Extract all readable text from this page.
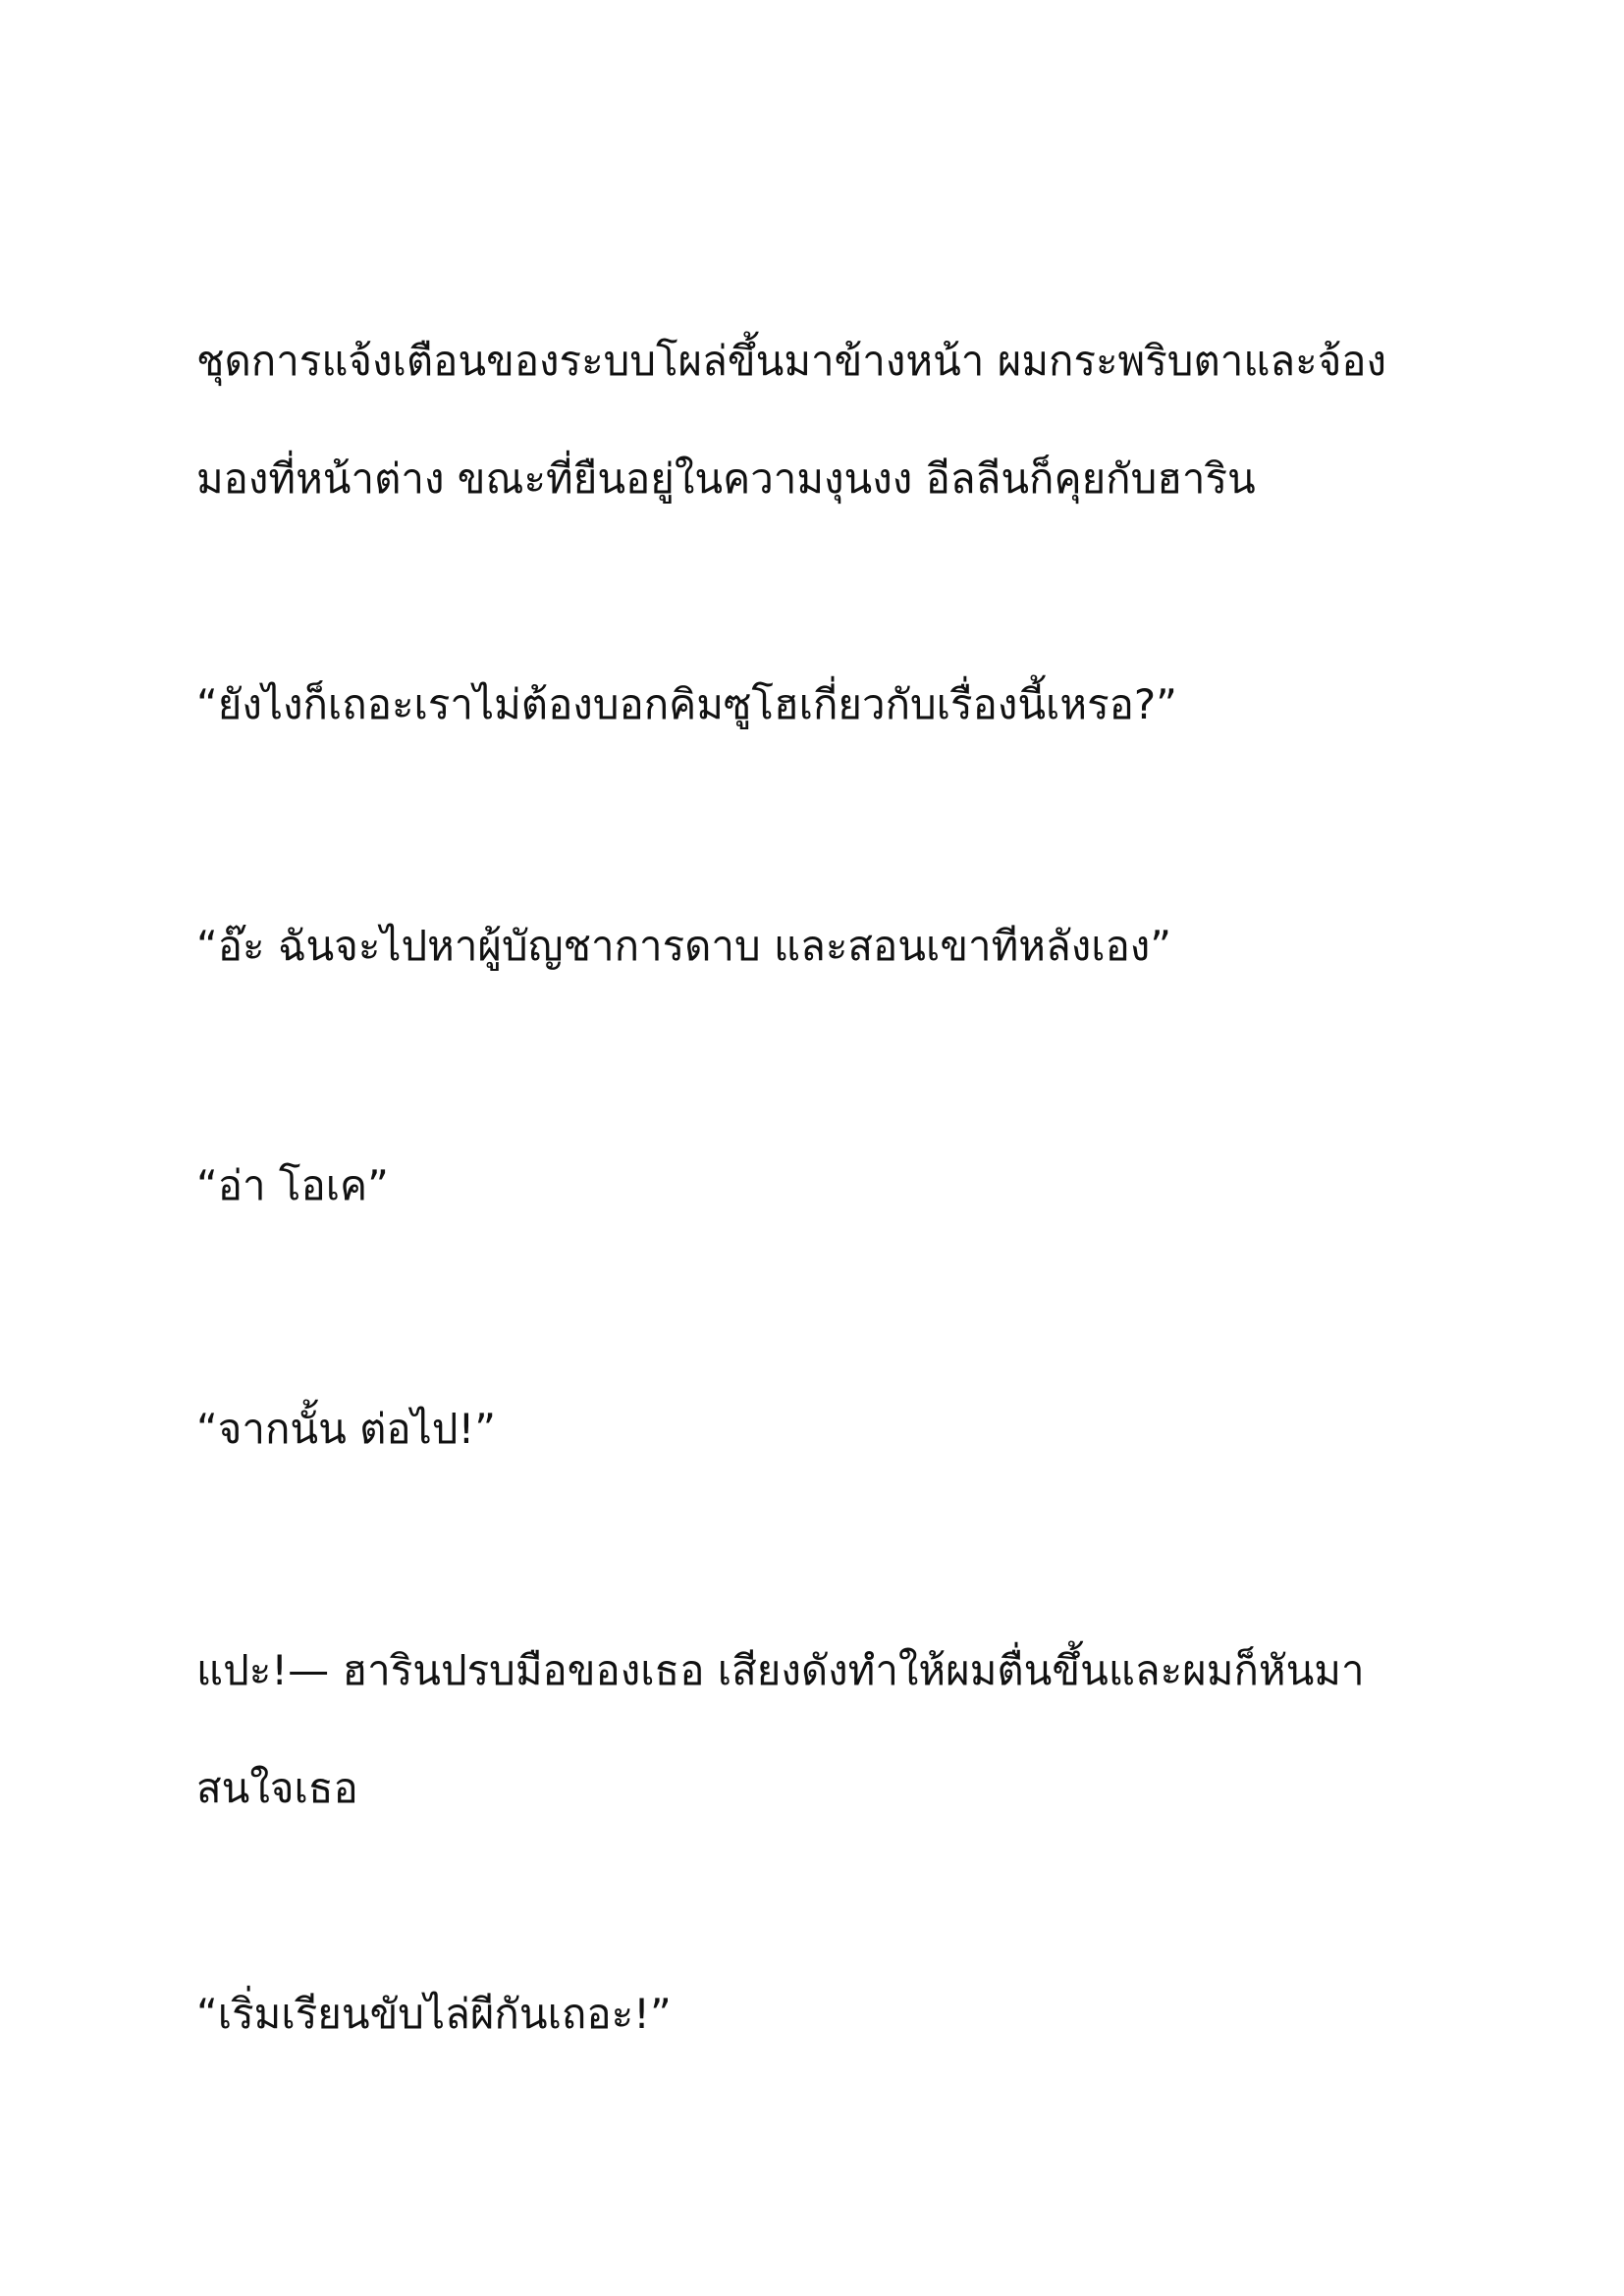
ชุดการแจ้งเตือนของระบบโผล่ขึ้นมาข้างหน้า ผมกระพริบตาและจ้อง
มองที่หน้าต่าง ขณะที่ยืนอยู่ในความงุนงง อีลลีนก็คุยกับฮาริน

“ยังไงก็เถอะเราไม่ต้องบอกคิมซูโฮเกี่ยวกับเรื่องนี้เหรอ?”

“อ๊ะ ฉันจะไปหาผู้บัญชาการดาบ และสอนเขาทีหลังเอง”

“อ่า โอเค”

“จากนั้น ต่อไป!”

แปะ!— ฮารินปรบมือของเธอ เสียงดังทำให้ผมตื่นขึ้นและผมก็หันมา
สนใจเธอ

“เริ่มเรียนขับไล่ผีกันเถอะ!”
